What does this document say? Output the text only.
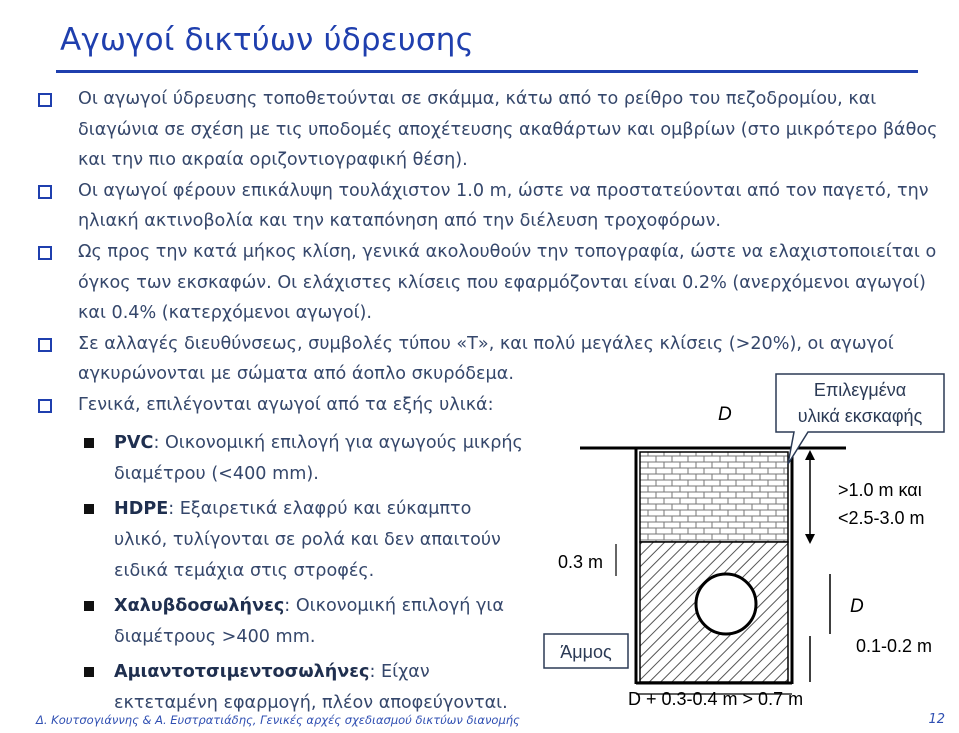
Αγωγοί δικτύων ύδρευσης
Οι αγωγοί ύδρευσης τοποθετούνται σε σκάμμα, κάτω από το ρείθρο του πεζοδρομίου, και διαγώνια σε σχέση με τις υποδομές αποχέτευσης ακαθάρτων και ομβρίων (στο μικρότερο βάθος και την πιο ακραία οριζοντιογραφική θέση).
Οι αγωγοί φέρουν επικάλυψη τουλάχιστον 1.0 m, ώστε να προστατεύονται από τον παγετό, την ηλιακή ακτινοβολία και την καταπόνηση από την διέλευση τροχοφόρων.
Ως προς την κατά μήκος κλίση, γενικά ακολουθούν την τοπογραφία, ώστε να ελαχιστοποιείται ο όγκος των εκσκαφών. Οι ελάχιστες κλίσεις που εφαρμόζονται είναι 0.2% (ανερχόμενοι αγωγοί) και 0.4% (κατερχόμενοι αγωγοί).
Σε αλλαγές διευθύνσεως, συμβολές τύπου «Τ», και πολύ μεγάλες κλίσεις (>20%), οι αγωγοί αγκυρώνονται με σώματα από άοπλο σκυρόδεμα.
Γενικά, επιλέγονται αγωγοί από τα εξής υλικά:
PVC: Οικονομική επιλογή για αγωγούς μικρής διαμέτρου (<400 mm).
HDPE: Εξαιρετικά ελαφρύ και εύκαμπτο υλικό, τυλίγονται σε ρολά και δεν απαιτούν ειδικά τεμάχια στις στροφές.
Χαλυβδοσωλήνες: Οικονομική επιλογή για διαμέτρους >400 mm.
Αμιαντοτσιμεντοσωλήνες: Είχαν εκτεταμένη εφαρμογή, πλέον αποφεύγονται.
Επιλεγμένα
υλικά εκσκαφής
D
>1.0 m και
<2.5-3.0 m
0.3 m
Άμμος
D
0.1-0.2 m
D + 0.3-0.4 m > 0.7 m
Δ. Κουτσογιάννης & Α. Ευστρατιάδης, Γενικές αρχές σχεδιασμού δικτύων διανομής	12
